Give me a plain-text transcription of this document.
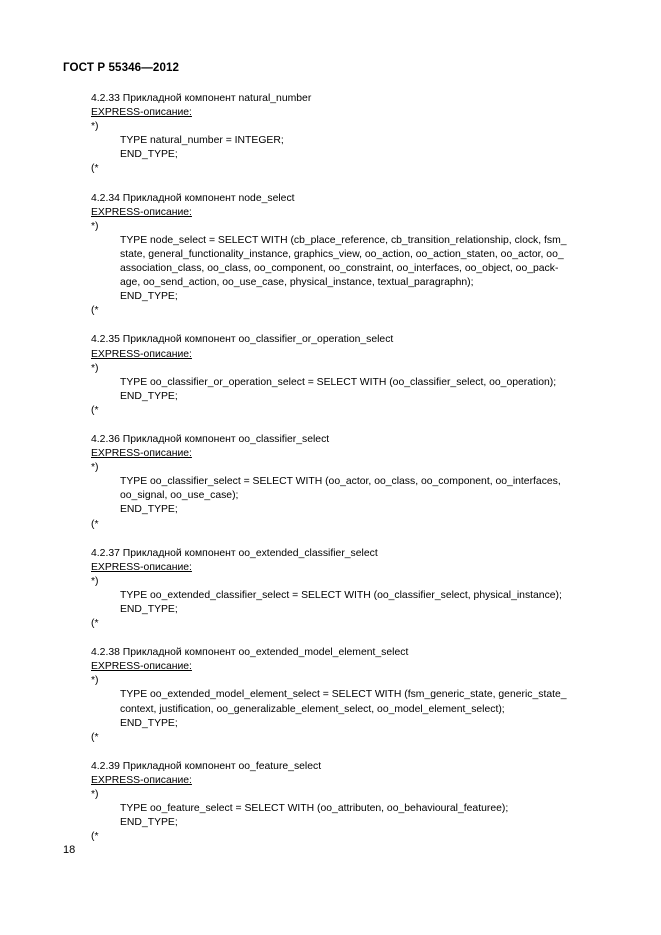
ГОСТ Р 55346—2012
4.2.33 Прикладной компонент natural_number
EXPRESS-описание:
*)
TYPE natural_number = INTEGER;
END_TYPE;
(*
4.2.34 Прикладной компонент node_select
EXPRESS-описание:
*)
TYPE node_select = SELECT WITH (cb_place_reference, cb_transition_relationship, clock, fsm_
state, general_functionality_instance, graphics_view, oo_action, oo_action_staten, oo_actor, oo_
association_class, oo_class, oo_component, oo_constraint, oo_interfaces, oo_object, oo_pack-
age, oo_send_action, oo_use_case, physical_instance, textual_paragraphn);
END_TYPE;
(*
4.2.35 Прикладной компонент oo_classifier_or_operation_select
EXPRESS-описание:
*)
TYPE oo_classifier_or_operation_select = SELECT WITH (oo_classifier_select, oo_operation);
END_TYPE;
(*
4.2.36 Прикладной компонент oo_classifier_select
EXPRESS-описание:
*)
TYPE oo_classifier_select = SELECT WITH (oo_actor, oo_class, oo_component, oo_interfaces,
oo_signal, oo_use_case);
END_TYPE;
(*
4.2.37 Прикладной компонент oo_extended_classifier_select
EXPRESS-описание:
*)
TYPE oo_extended_classifier_select = SELECT WITH (oo_classifier_select, physical_instance);
END_TYPE;
(*
4.2.38 Прикладной компонент oo_extended_model_element_select
EXPRESS-описание:
*)
TYPE oo_extended_model_element_select = SELECT WITH (fsm_generic_state, generic_state_
context, justification, oo_generalizable_element_select, oo_model_element_select);
END_TYPE;
(*
4.2.39 Прикладной компонент oo_feature_select
EXPRESS-описание:
*)
TYPE oo_feature_select = SELECT WITH (oo_attributen, oo_behavioural_featuree);
END_TYPE;
(*
18
